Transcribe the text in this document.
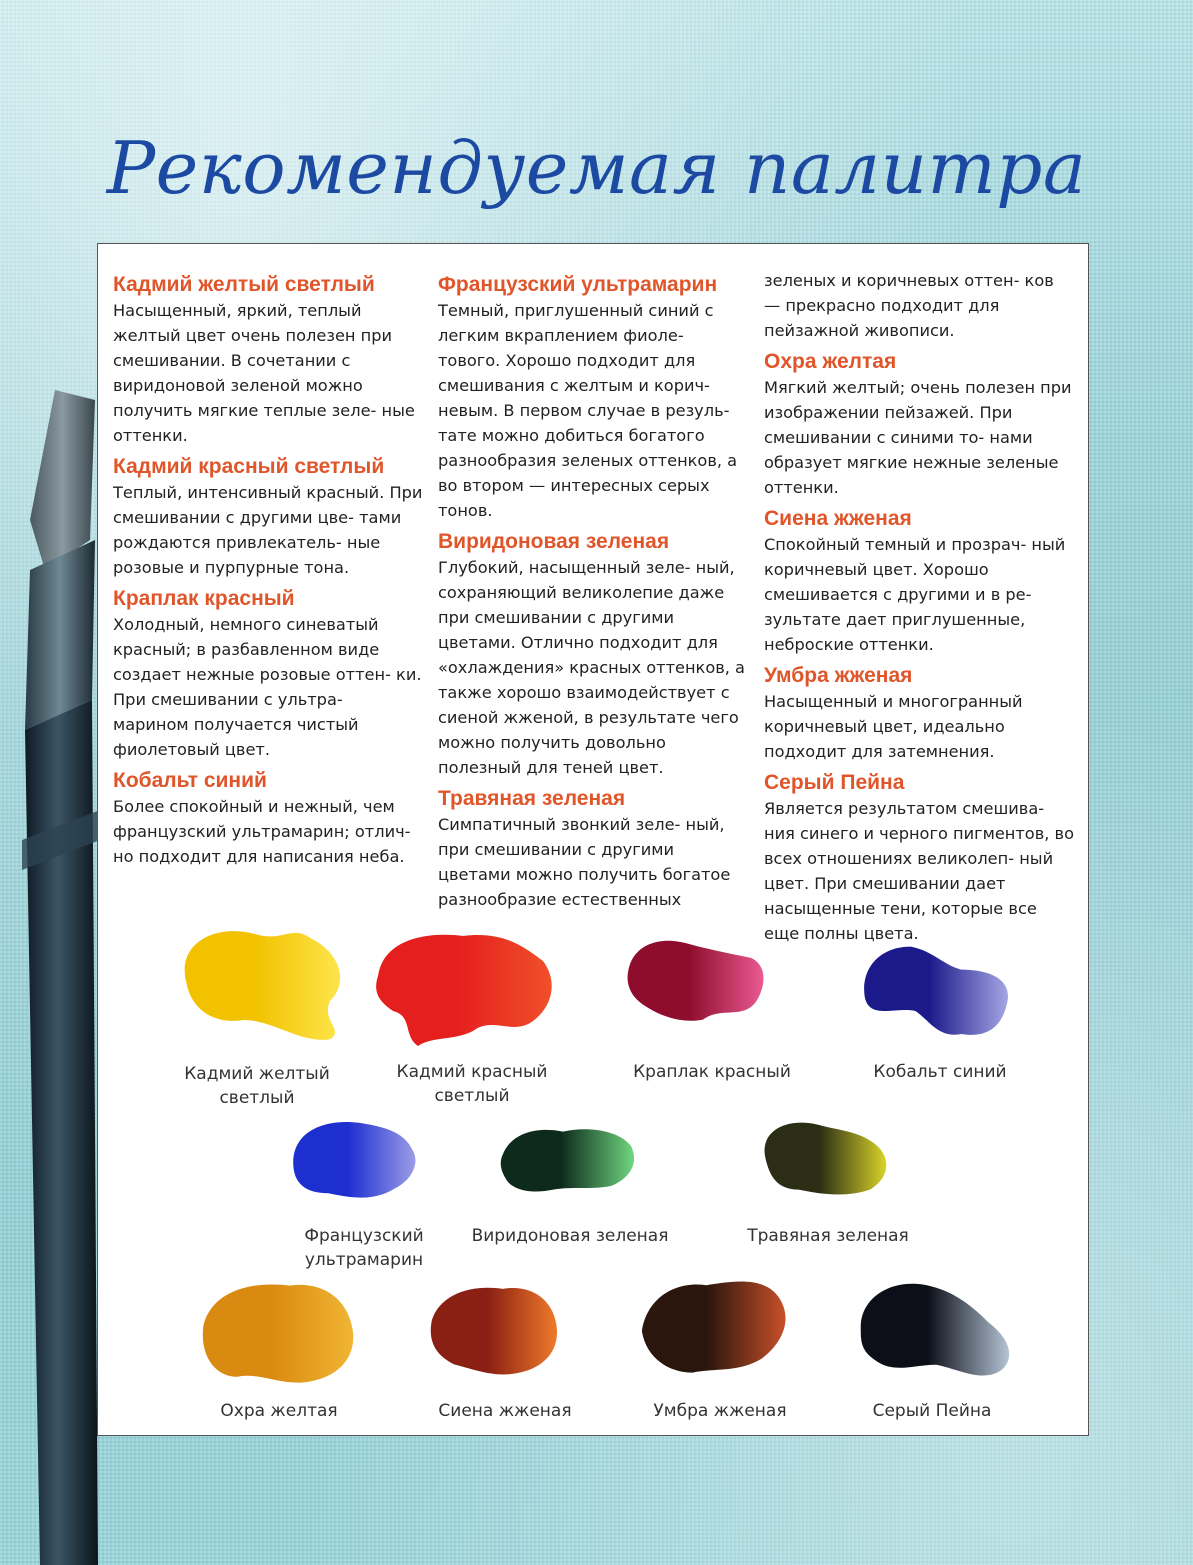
Рекомендуемая палитра
Кадмий желтый светлый

Насыщенный, яркий, теплый желтый цвет очень полезен при смешивании. В сочетании с виридоновой зеленой можно получить мягкие теплые зеле- ные оттенки.

Кадмий красный светлый

Теплый, интенсивный красный. При смешивании с другими цве- тами рождаются привлекатель- ные розовые и пурпурные тона.

Краплак красный

Холодный, немного синеватый красный; в разбавленном виде создает нежные розовые оттен- ки. При смешивании с ультра- марином получается чистый фиолетовый цвет.

Кобальт синий

Более спокойный и нежный, чем французский ультрамарин; отлич- но подходит для написания неба.

Французский ультрамарин

Темный, приглушенный синий с легким вкраплением фиоле- тового. Хорошо подходит для смешивания с желтым и корич- невым. В первом случае в резуль- тате можно добиться богатого разнообразия зеленых оттенков, а во втором — интересных серых тонов.

Виридоновая зеленая

Глубокий, насыщенный зеле- ный, сохраняющий великолепие даже при смешивании с другими цветами. Отлично подходит для «охлаждения» красных оттенков, а также хорошо взаимодействует с сиеной жженой, в результате чего можно получить довольно полезный для теней цвет.

Травяная зеленая

Симпатичный звонкий зеле- ный, при смешивании с другими цветами можно получить богатое разнообразие естественных

зеленых и коричневых оттен- ков — прекрасно подходит для пейзажной живописи.

Охра желтая

Мягкий желтый; очень полезен при изображении пейзажей. При смешивании с синими то- нами образует мягкие нежные зеленые оттенки.

Сиена жженая

Спокойный темный и прозрач- ный коричневый цвет. Хорошо смешивается с другими и в ре- зультате дает приглушенные, неброские оттенки.

Умбра жженая

Насыщенный и многогранный коричневый цвет, идеально подходит для затемнения.

Серый Пейна

Является результатом смешива- ния синего и черного пигментов, во всех отношениях великолеп- ный цвет. При смешивании дает насыщенные тени, которые все еще полны цвета.

Кадмий желтый
светлый
Кадмий красный
светлый
Краплак красный	Кобальт синий
Французский
ультрамарин
Виридоновая зеленая	Травяная зеленая
Охра желтая	Сиена жженая	Умбра жженая	Серый Пейна
